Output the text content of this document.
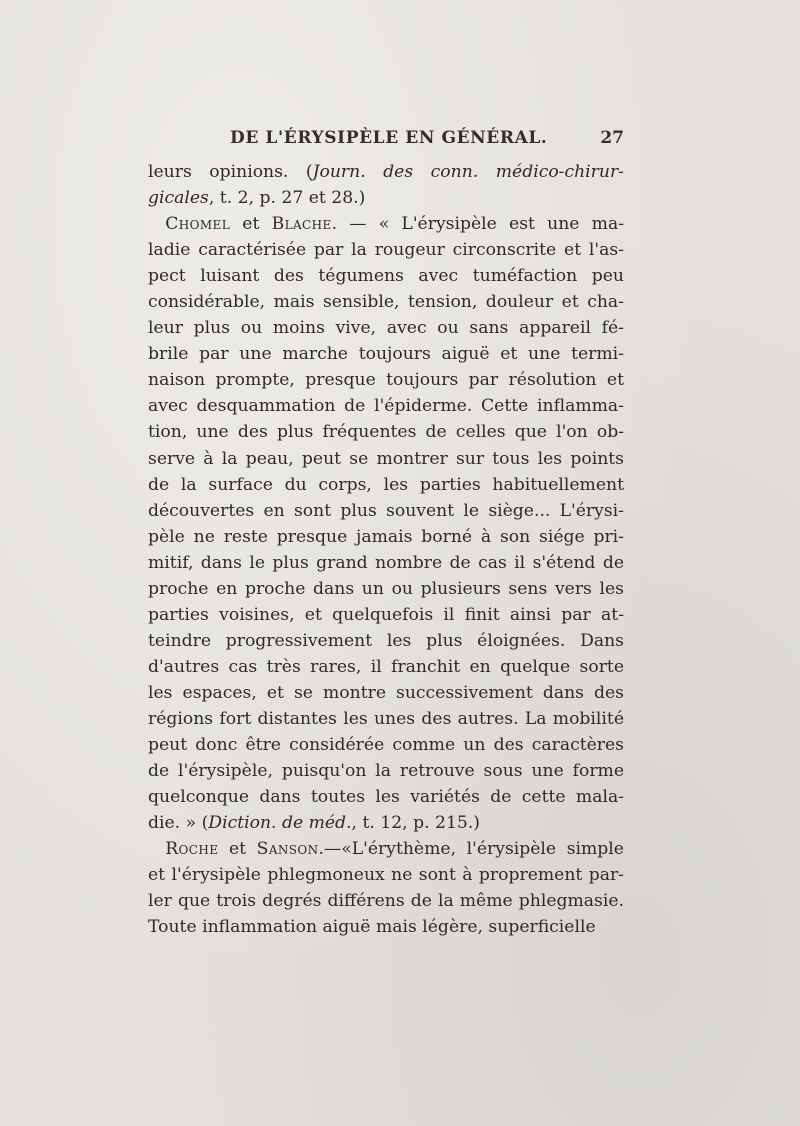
DE L'ÉRYSIPÈLE EN GÉNÉRAL.	27
leurs opinions. (Journ. des conn. médico-chirur-
gicales, t. 2, p. 27 et 28.)
 Chomel et Blache. — « L'érysipèle est une ma-
ladie caractérisée par la rougeur circonscrite et l'as-
pect luisant des tégumens avec tuméfaction peu
considérable, mais sensible, tension, douleur et cha-
leur plus ou moins vive, avec ou sans appareil fé-
brile par une marche toujours aiguë et une termi-
naison prompte, presque toujours par résolution et
avec desquammation de l'épiderme. Cette inflamma-
tion, une des plus fréquentes de celles que l'on ob-
serve à la peau, peut se montrer sur tous les points
de la surface du corps, les parties habituellement
découvertes en sont plus souvent le siège... L'érysi-
pèle ne reste presque jamais borné à son siége pri-
mitif, dans le plus grand nombre de cas il s'étend de
proche en proche dans un ou plusieurs sens vers les
parties voisines, et quelquefois il finit ainsi par at-
teindre progressivement les plus éloignées. Dans
d'autres cas très rares, il franchit en quelque sorte
les espaces, et se montre successivement dans des
régions fort distantes les unes des autres. La mobilité
peut donc être considérée comme un des caractères
de l'érysipèle, puisqu'on la retrouve sous une forme
quelconque dans toutes les variétés de cette mala-
die. » (Diction. de méd., t. 12, p. 215.)
 Roche et Sanson.—«L'érythème, l'érysipèle simple
et l'érysipèle phlegmoneux ne sont à proprement par-
ler que trois degrés différens de la même phlegmasie.
Toute inflammation aiguë mais légère, superficielle
